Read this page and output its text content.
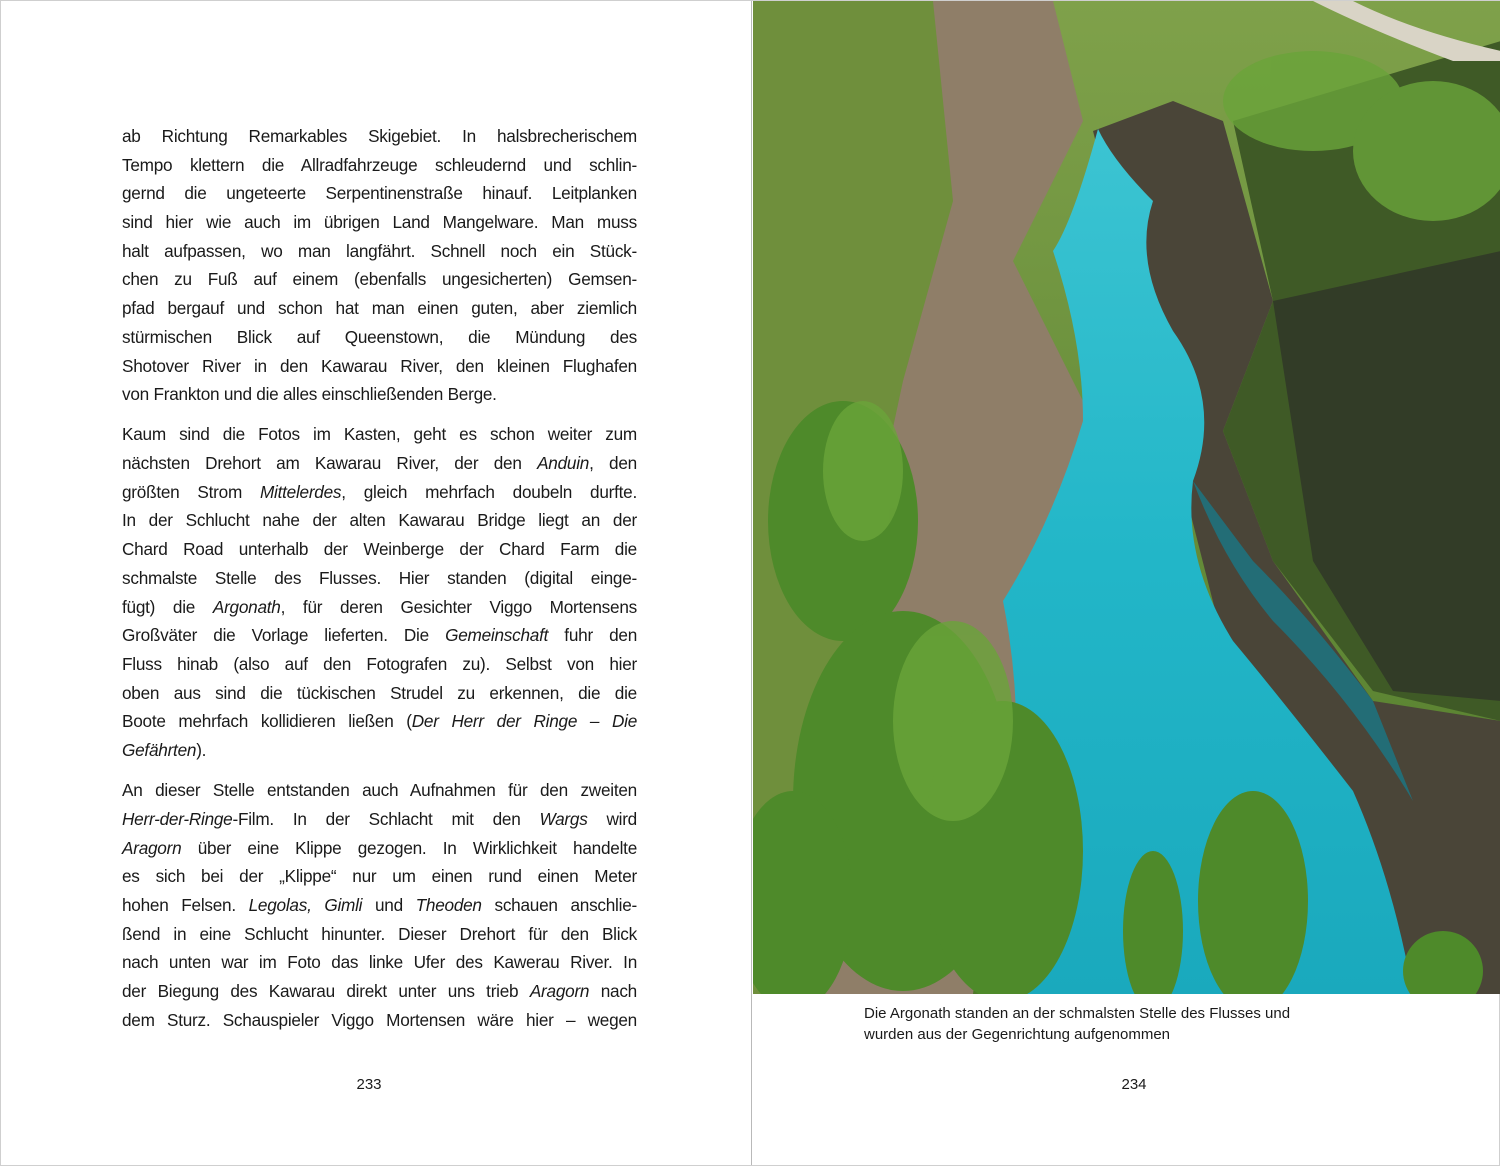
ab Richtung Remarkables Skigebiet. In halsbrecherischem
Tempo klettern die Allradfahrzeuge schleudernd und schlin-
gernd die ungeteerte Serpentinenstraße hinauf. Leitplanken
sind hier wie auch im übrigen Land Mangelware. Man muss
halt aufpassen, wo man langfährt. Schnell noch ein Stück-
chen zu Fuß auf einem (ebenfalls ungesicherten) Gemsen-
pfad bergauf und schon hat man einen guten, aber ziemlich
stürmischen Blick auf Queenstown, die Mündung des
Shotover River in den Kawarau River, den kleinen Flughafen
von Frankton und die alles einschließenden Berge.
Kaum sind die Fotos im Kasten, geht es schon weiter zum
nächsten Drehort am Kawarau River, der den Anduin, den
größten Strom Mittelerdes, gleich mehrfach doubeln durfte.
In der Schlucht nahe der alten Kawarau Bridge liegt an der
Chard Road unterhalb der Weinberge der Chard Farm die
schmalste Stelle des Flusses. Hier standen (digital einge-
fügt) die Argonath, für deren Gesichter Viggo Mortensens
Großväter die Vorlage lieferten. Die Gemeinschaft fuhr den
Fluss hinab (also auf den Fotografen zu). Selbst von hier
oben aus sind die tückischen Strudel zu erkennen, die die
Boote mehrfach kollidieren ließen (Der Herr der Ringe – Die
Gefährten).
An dieser Stelle entstanden auch Aufnahmen für den zweiten
Herr-der-Ringe-Film. In der Schlacht mit den Wargs wird
Aragorn über eine Klippe gezogen. In Wirklichkeit handelte
es sich bei der „Klippe“ nur um einen rund einen Meter
hohen Felsen. Legolas, Gimli und Theoden schauen anschlie-
ßend in eine Schlucht hinunter. Dieser Drehort für den Blick
nach unten war im Foto das linke Ufer des Kawerau River. In
der Biegung des Kawarau direkt unter uns trieb Aragorn nach
dem Sturz. Schauspieler Viggo Mortensen wäre hier – wegen
233
Die Argonath standen an der schmalsten Stelle des Flusses und
wurden aus der Gegenrichtung aufgenommen
234
